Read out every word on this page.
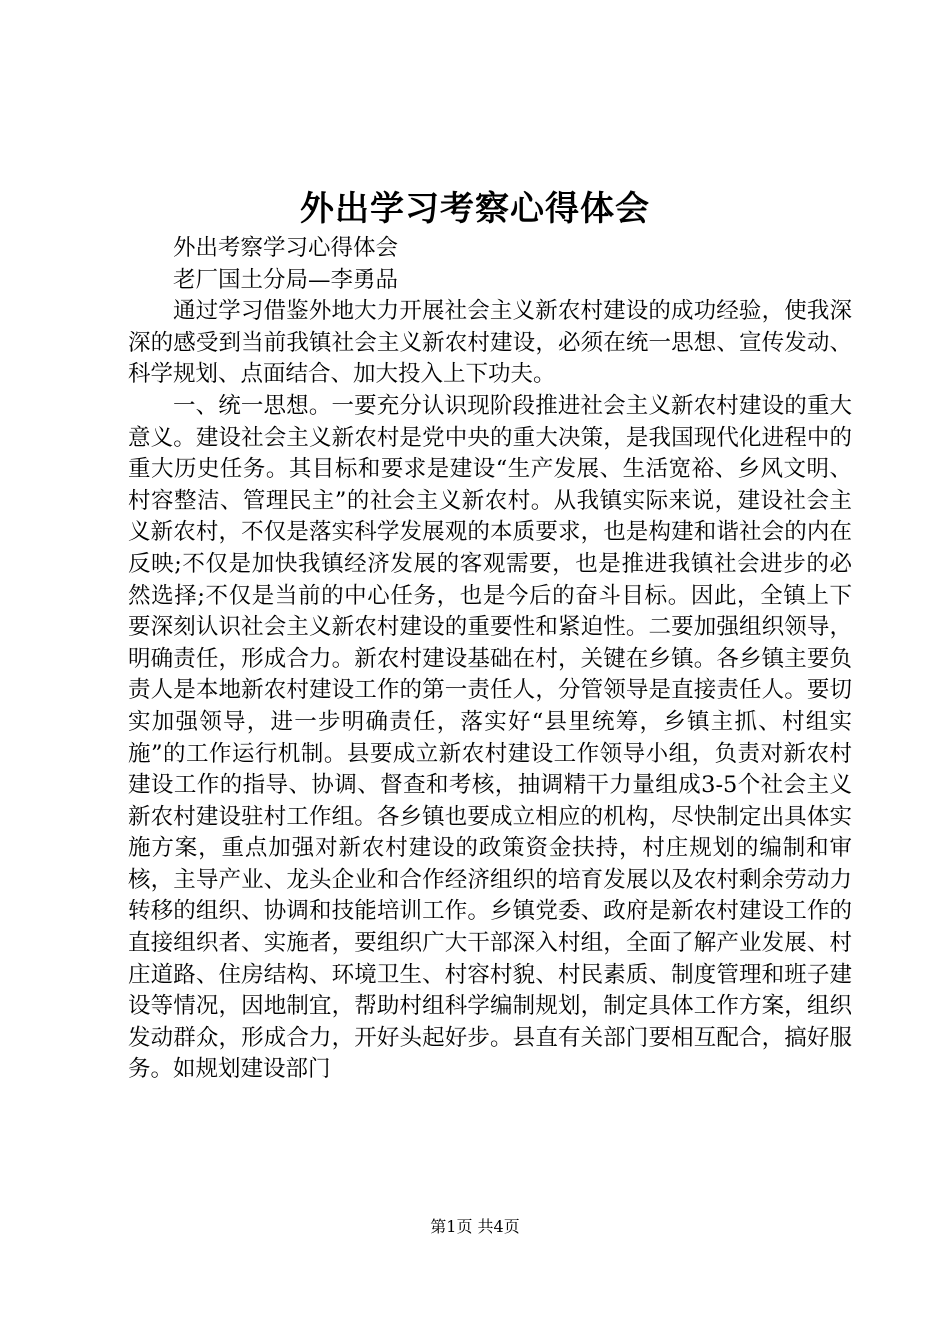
外出学习考察心得体会

外出考察学习心得体会

老厂国土分局—李勇品

通过学习借鉴外地大力开展社会主义新农村建设的成功经验，使我深深的感受到当前我镇社会主义新农村建设，必须在统一思想、宣传发动、科学规划、点面结合、加大投入上下功夫。

一、统一思想。一要充分认识现阶段推进社会主义新农村建设的重大意义。建设社会主义新农村是党中央的重大决策，是我国现代化进程中的重大历史任务。其目标和要求是建设“生产发展、生活宽裕、乡风文明、村容整洁、管理民主”的社会主义新农村。从我镇实际来说，建设社会主义新农村，不仅是落实科学发展观的本质要求，也是构建和谐社会的内在反映;不仅是加快我镇经济发展的客观需要，也是推进我镇社会进步的必然选择;不仅是当前的中心任务，也是今后的奋斗目标。因此，全镇上下要深刻认识社会主义新农村建设的重要性和紧迫性。二要加强组织领导，明确责任，形成合力。新农村建设基础在村，关键在乡镇。各乡镇主要负责人是本地新农村建设工作的第一责任人，分管领导是直接责任人。要切实加强领导，进一步明确责任，落实好“县里统筹，乡镇主抓、村组实施”的工作运行机制。县要成立新农村建设工作领导小组，负责对新农村建设工作的指导、协调、督查和考核，抽调精干力量组成3-5个社会主义新农村建设驻村工作组。各乡镇也要成立相应的机构，尽快制定出具体实施方案，重点加强对新农村建设的政策资金扶持，村庄规划的编制和审核，主导产业、龙头企业和合作经济组织的培育发展以及农村剩余劳动力转移的组织、协调和技能培训工作。乡镇党委、政府是新农村建设工作的直接组织者、实施者，要组织广大干部深入村组，全面了解产业发展、村庄道路、住房结构、环境卫生、村容村貌、村民素质、制度管理和班子建设等情况，因地制宜，帮助村组科学编制规划，制定具体工作方案，组织发动群众，形成合力，开好头起好步。县直有关部门要相互配合，搞好服务。如规划建设部门

第1页 共4页
